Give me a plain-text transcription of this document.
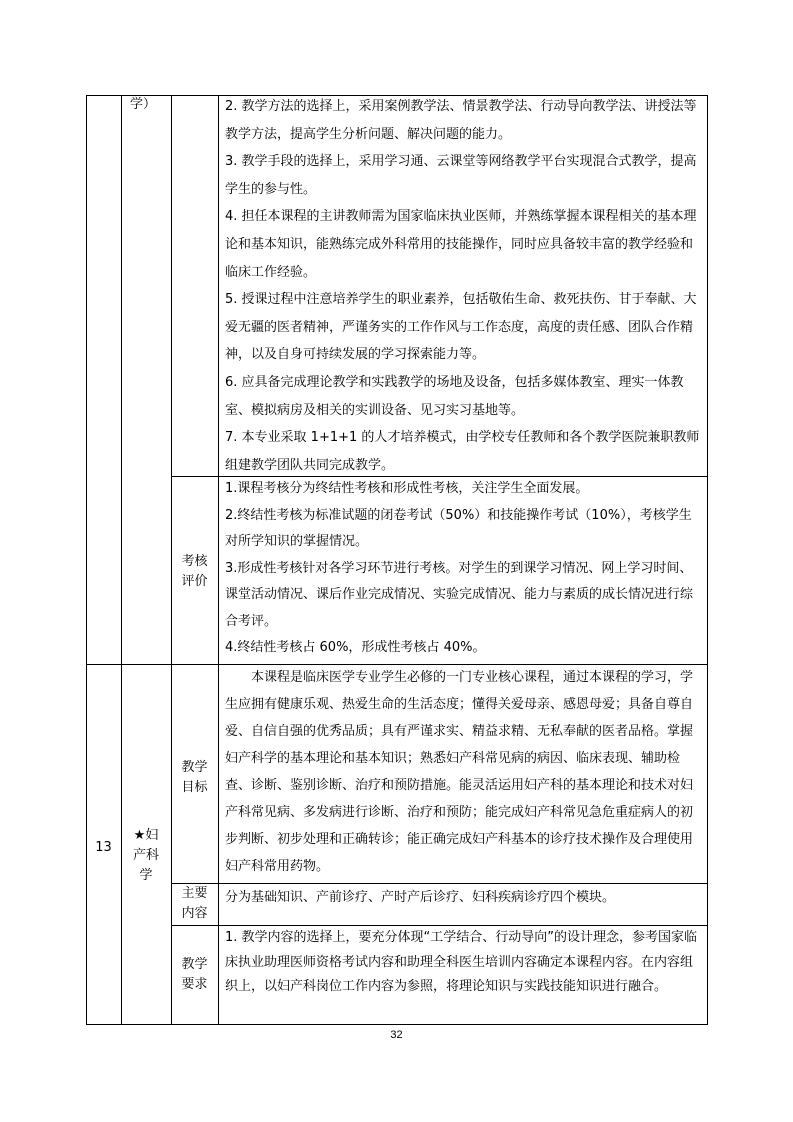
学）	2. 教学方法的选择上，采用案例教学法、情景教学法、行动导向教学法、讲授法等教学方法，提高学生分析问题、解决问题的能力。

3. 教学手段的选择上，采用学习通、云课堂等网络教学平台实现混合式教学，提高学生的参与性。

4. 担任本课程的主讲教师需为国家临床执业医师，并熟练掌握本课程相关的基本理论和基本知识，能熟练完成外科常用的技能操作，同时应具备较丰富的教学经验和临床工作经验。

5. 授课过程中注意培养学生的职业素养，包括敬佑生命、救死扶伤、甘于奉献、大爱无疆的医者精神，严谨务实的工作作风与工作态度，高度的责任感、团队合作精神，以及自身可持续发展的学习探索能力等。

6. 应具备完成理论教学和实践教学的场地及设备，包括多媒体教室、理实一体教室、模拟病房及相关的实训设备、见习实习基地等。

7. 本专业采取 1+1+1 的人才培养模式，由学校专任教师和各个教学医院兼职教师组建教学团队共同完成教学。

考核
评价

1.课程考核分为终结性考核和形成性考核，关注学生全面发展。

2.终结性考核为标准试题的闭卷考试（50%）和技能操作考试（10%），考核学生对所学知识的掌握情况。

3.形成性考核针对各学习环节进行考核。对学生的到课学习情况、网上学习时间、课堂活动情况、课后作业完成情况、实验完成情况、能力与素质的成长情况进行综合考评。

4.终结性考核占 60%，形成性考核占 40%。

13
★妇
产科
学
教学
目标

本课程是临床医学专业学生必修的一门专业核心课程，通过本课程的学习，学生应拥有健康乐观、热爱生命的生活态度；懂得关爱母亲、感恩母爱；具备自尊自爱、自信自强的优秀品质；具有严谨求实、精益求精、无私奉献的医者品格。掌握妇产科学的基本理论和基本知识；熟悉妇产科常见病的病因、临床表现、辅助检查、诊断、鉴别诊断、治疗和预防措施。能灵活运用妇产科的基本理论和技术对妇产科常见病、多发病进行诊断、治疗和预防；能完成妇产科常见急危重症病人的初步判断、初步处理和正确转诊；能正确完成妇产科基本的诊疗技术操作及合理使用妇产科常用药物。

主要
内容

分为基础知识、产前诊疗、产时产后诊疗、妇科疾病诊疗四个模块。

教学
要求

1. 教学内容的选择上，要充分体现“工学结合、行动导向”的设计理念，参考国家临床执业助理医师资格考试内容和助理全科医生培训内容确定本课程内容。在内容组织上，以妇产科岗位工作内容为参照，将理论知识与实践技能知识进行融合。

32
